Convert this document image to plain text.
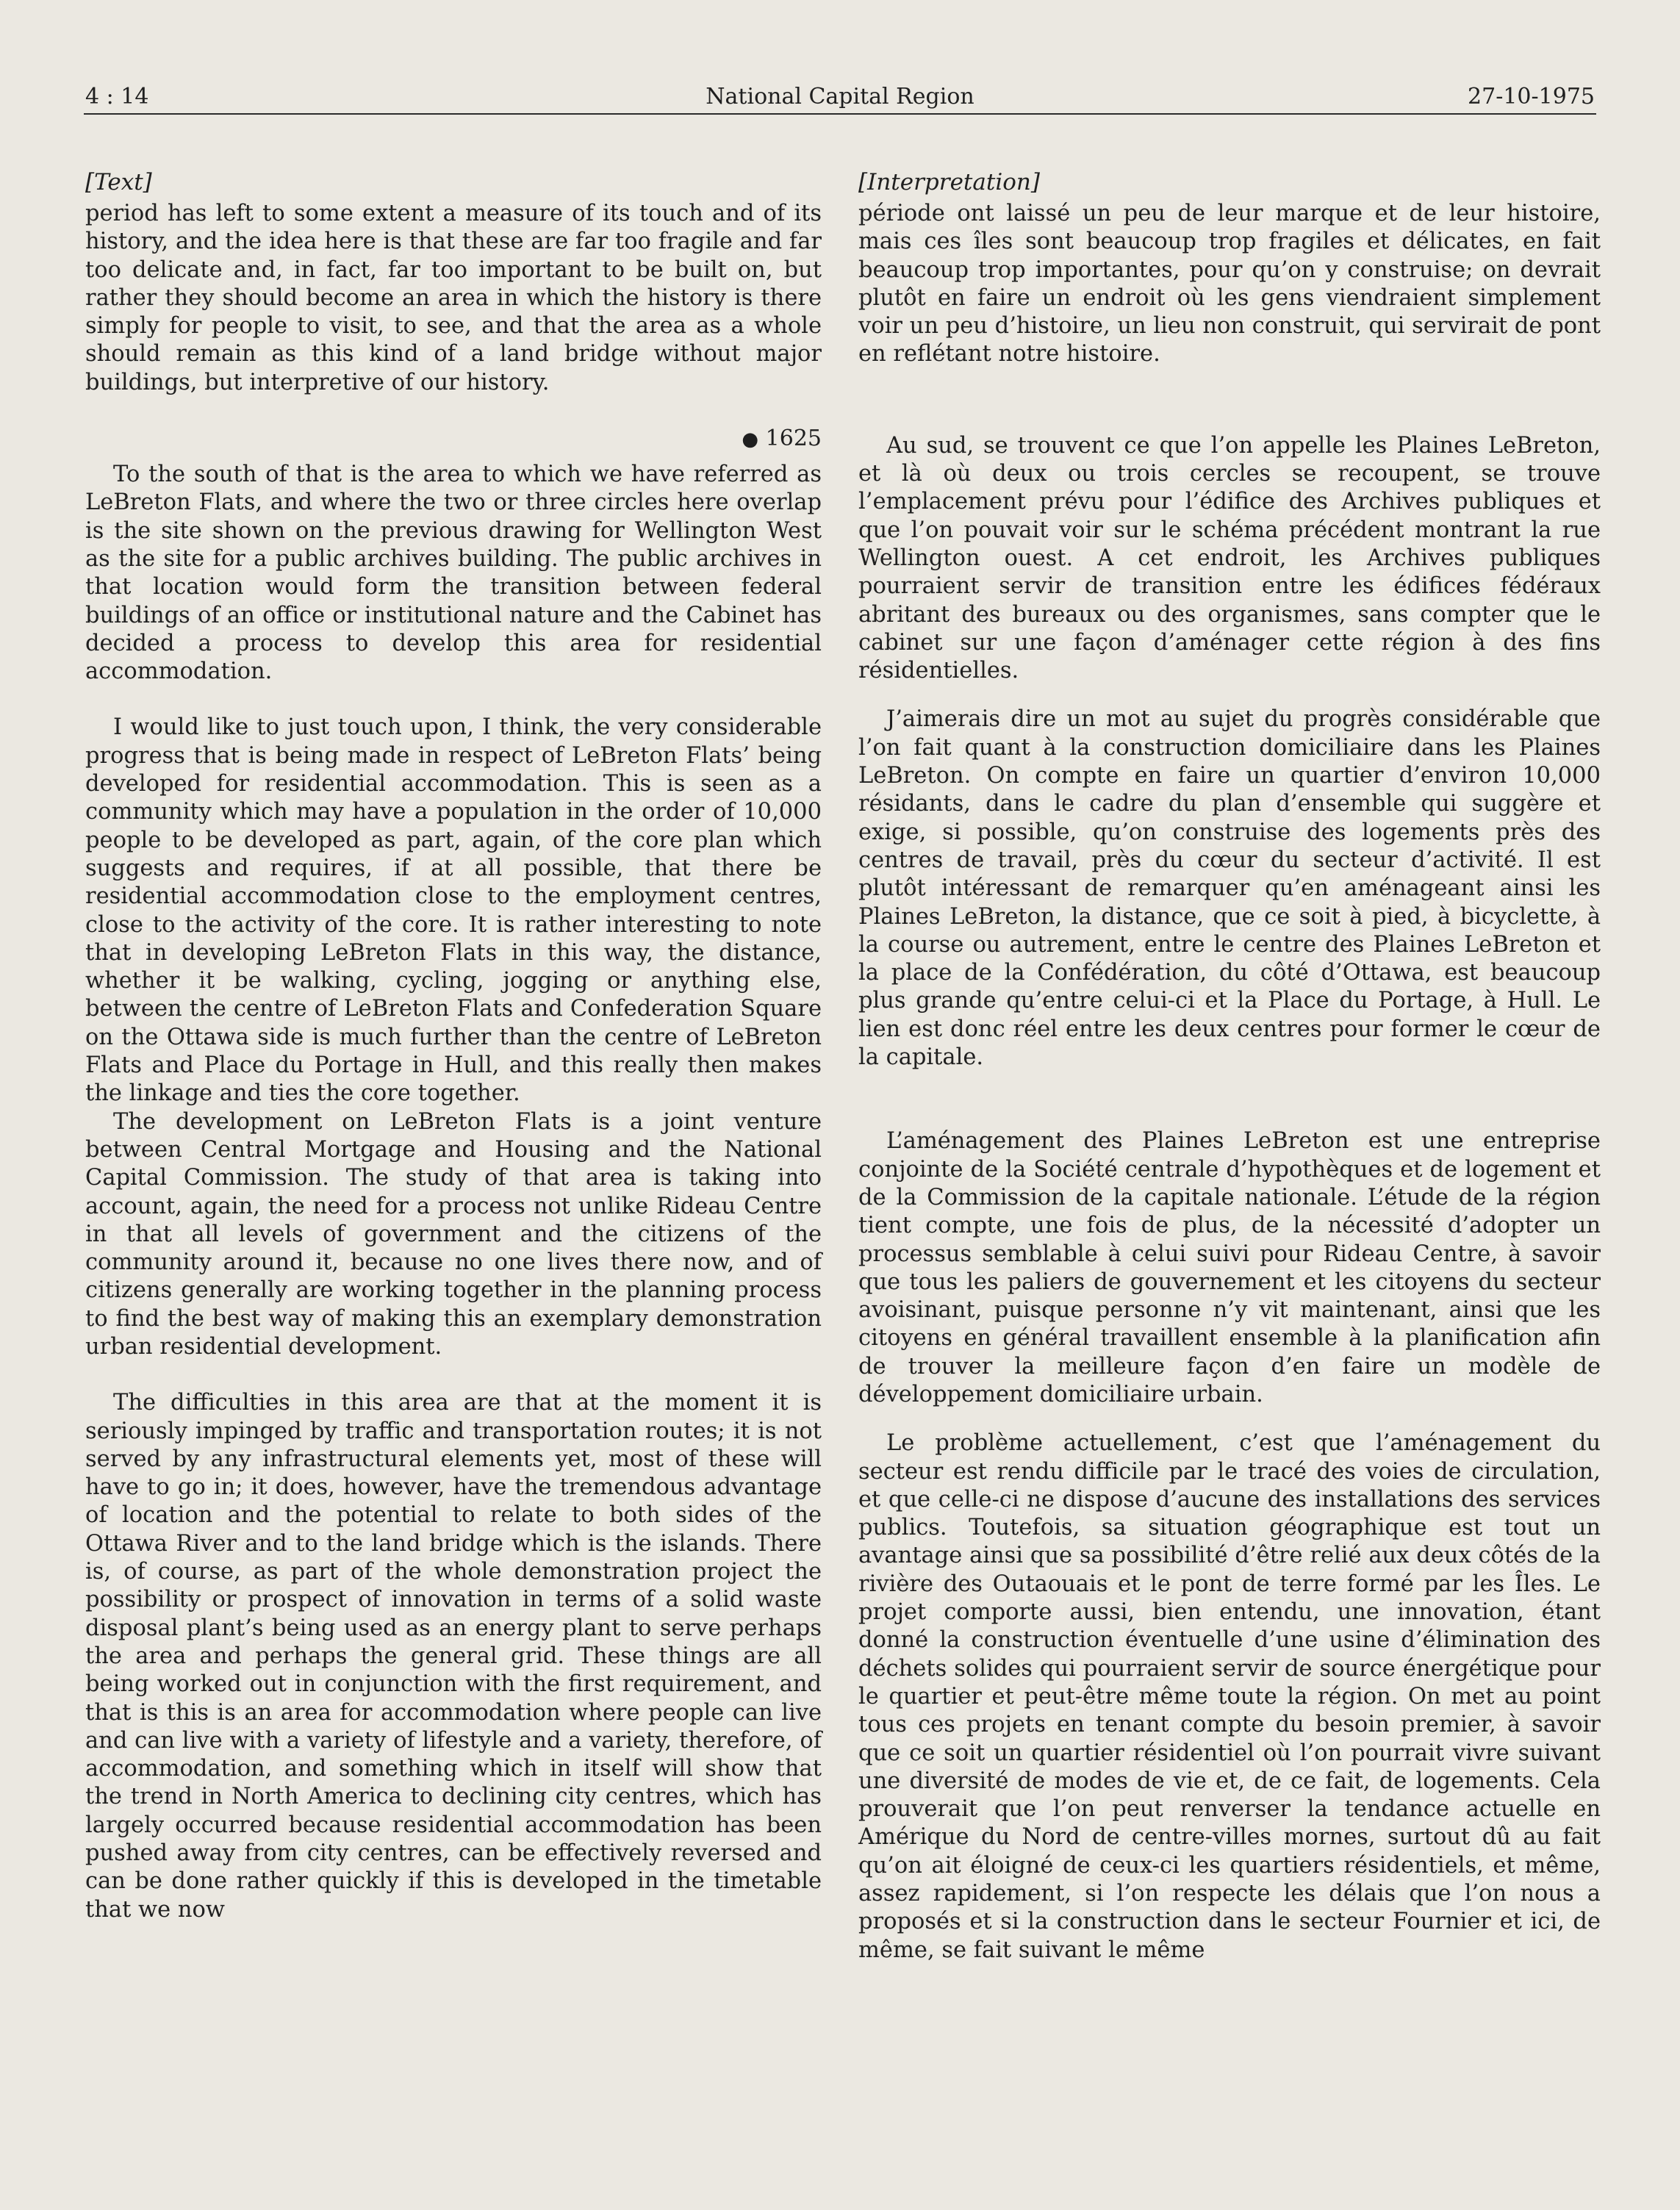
4 : 14	National Capital Region	27-10-1975
[Text]

period has left to some extent a measure of its touch and of its history, and the idea here is that these are far too fragile and far too delicate and, in fact, far too important to be built on, but rather they should become an area in which the history is there simply for people to visit, to see, and that the area as a whole should remain as this kind of a land bridge without major buildings, but interpretive of our history.

● 1625

To the south of that is the area to which we have referred as LeBreton Flats, and where the two or three circles here overlap is the site shown on the previous drawing for Wellington West as the site for a public archives building. The public archives in that location would form the transition between federal buildings of an office or institutional nature and the Cabinet has decided a process to develop this area for residential accommodation.

I would like to just touch upon, I think, the very considerable progress that is being made in respect of LeBreton Flats’ being developed for residential accommodation. This is seen as a community which may have a population in the order of 10,000 people to be developed as part, again, of the core plan which suggests and requires, if at all possible, that there be residential accommodation close to the employment centres, close to the activity of the core. It is rather interesting to note that in developing LeBreton Flats in this way, the distance, whether it be walking, cycling, jogging or anything else, between the centre of LeBreton Flats and Confederation Square on the Ottawa side is much further than the centre of LeBreton Flats and Place du Portage in Hull, and this really then makes the linkage and ties the core together.

The development on LeBreton Flats is a joint venture between Central Mortgage and Housing and the National Capital Commission. The study of that area is taking into account, again, the need for a process not unlike Rideau Centre in that all levels of government and the citizens of the community around it, because no one lives there now, and of citizens generally are working together in the planning process to find the best way of making this an exemplary demonstration urban residential development.

The difficulties in this area are that at the moment it is seriously impinged by traffic and transportation routes; it is not served by any infrastructural elements yet, most of these will have to go in; it does, however, have the tremendous advantage of location and the potential to relate to both sides of the Ottawa River and to the land bridge which is the islands. There is, of course, as part of the whole demonstration project the possibility or prospect of innovation in terms of a solid waste disposal plant’s being used as an energy plant to serve perhaps the area and perhaps the general grid. These things are all being worked out in conjunction with the first requirement, and that is this is an area for accommodation where people can live and can live with a variety of lifestyle and a variety, therefore, of accommodation, and something which in itself will show that the trend in North America to declining city centres, which has largely occurred because residential accommodation has been pushed away from city centres, can be effectively reversed and can be done rather quickly if this is developed in the timetable that we now

[Interpretation]

période ont laissé un peu de leur marque et de leur histoire, mais ces îles sont beaucoup trop fragiles et délicates, en fait beaucoup trop importantes, pour qu’on y construise; on devrait plutôt en faire un endroit où les gens viendraient simplement voir un peu d’histoire, un lieu non construit, qui servirait de pont en reflétant notre histoire.

Au sud, se trouvent ce que l’on appelle les Plaines LeBreton, et là où deux ou trois cercles se recoupent, se trouve l’emplacement prévu pour l’édifice des Archives publiques et que l’on pouvait voir sur le schéma précédent montrant la rue Wellington ouest. A cet endroit, les Archives publiques pourraient servir de transition entre les édifices fédéraux abritant des bureaux ou des organismes, sans compter que le cabinet sur une façon d’aménager cette région à des fins résidentielles.

J’aimerais dire un mot au sujet du progrès considérable que l’on fait quant à la construction domiciliaire dans les Plaines LeBreton. On compte en faire un quartier d’environ 10,000 résidants, dans le cadre du plan d’ensemble qui suggère et exige, si possible, qu’on construise des logements près des centres de travail, près du cœur du secteur d’activité. Il est plutôt intéressant de remarquer qu’en aménageant ainsi les Plaines LeBreton, la distance, que ce soit à pied, à bicyclette, à la course ou autrement, entre le centre des Plaines LeBreton et la place de la Confédération, du côté d’Ottawa, est beaucoup plus grande qu’entre celui-ci et la Place du Portage, à Hull. Le lien est donc réel entre les deux centres pour former le cœur de la capitale.

L’aménagement des Plaines LeBreton est une entreprise conjointe de la Société centrale d’hypothèques et de logement et de la Commission de la capitale nationale. L’étude de la région tient compte, une fois de plus, de la nécessité d’adopter un processus semblable à celui suivi pour Rideau Centre, à savoir que tous les paliers de gouvernement et les citoyens du secteur avoisinant, puisque personne n’y vit maintenant, ainsi que les citoyens en général travaillent ensemble à la planification afin de trouver la meilleure façon d’en faire un modèle de développement domiciliaire urbain.

Le problème actuellement, c’est que l’aménagement du secteur est rendu difficile par le tracé des voies de circulation, et que celle-ci ne dispose d’aucune des installations des services publics. Toutefois, sa situation géographique est tout un avantage ainsi que sa possibilité d’être relié aux deux côtés de la rivière des Outaouais et le pont de terre formé par les Îles. Le projet comporte aussi, bien entendu, une innovation, étant donné la construction éventuelle d’une usine d’élimination des déchets solides qui pourraient servir de source énergétique pour le quartier et peut-être même toute la région. On met au point tous ces projets en tenant compte du besoin premier, à savoir que ce soit un quartier résidentiel où l’on pourrait vivre suivant une diversité de modes de vie et, de ce fait, de logements. Cela prouverait que l’on peut renverser la tendance actuelle en Amérique du Nord de centre-villes mornes, surtout dû au fait qu’on ait éloigné de ceux-ci les quartiers résidentiels, et même, assez rapidement, si l’on respecte les délais que l’on nous a proposés et si la construction dans le secteur Fournier et ici, de même, se fait suivant le même
